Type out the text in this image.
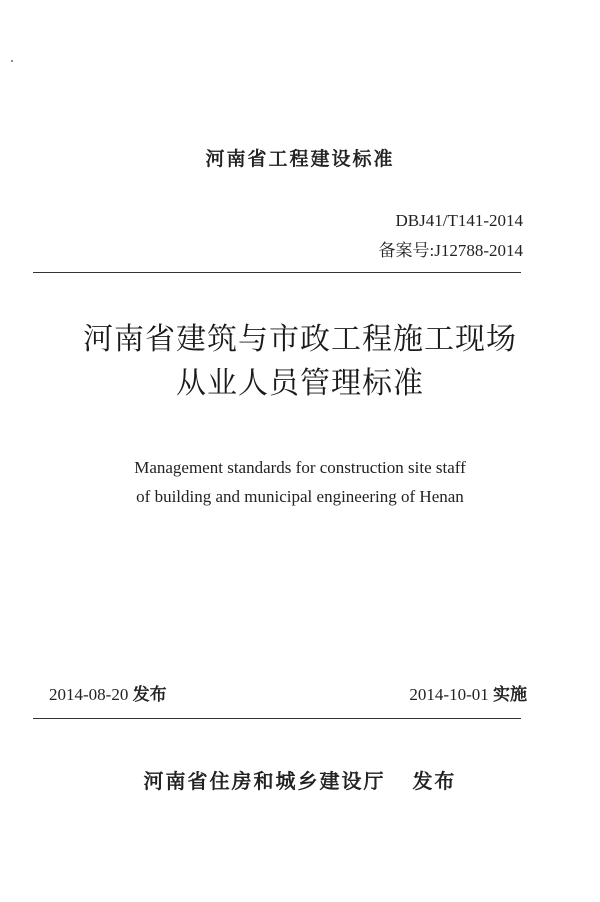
河南省工程建设标准
DBJ41/T141-2014
备案号:J12788-2014
河南省建筑与市政工程施工现场
从业人员管理标准
Management standards for construction site staff
of building and municipal engineering of Henan
2014-08-20 发布	2014-10-01 实施
河南省住房和城乡建设厅 发布
